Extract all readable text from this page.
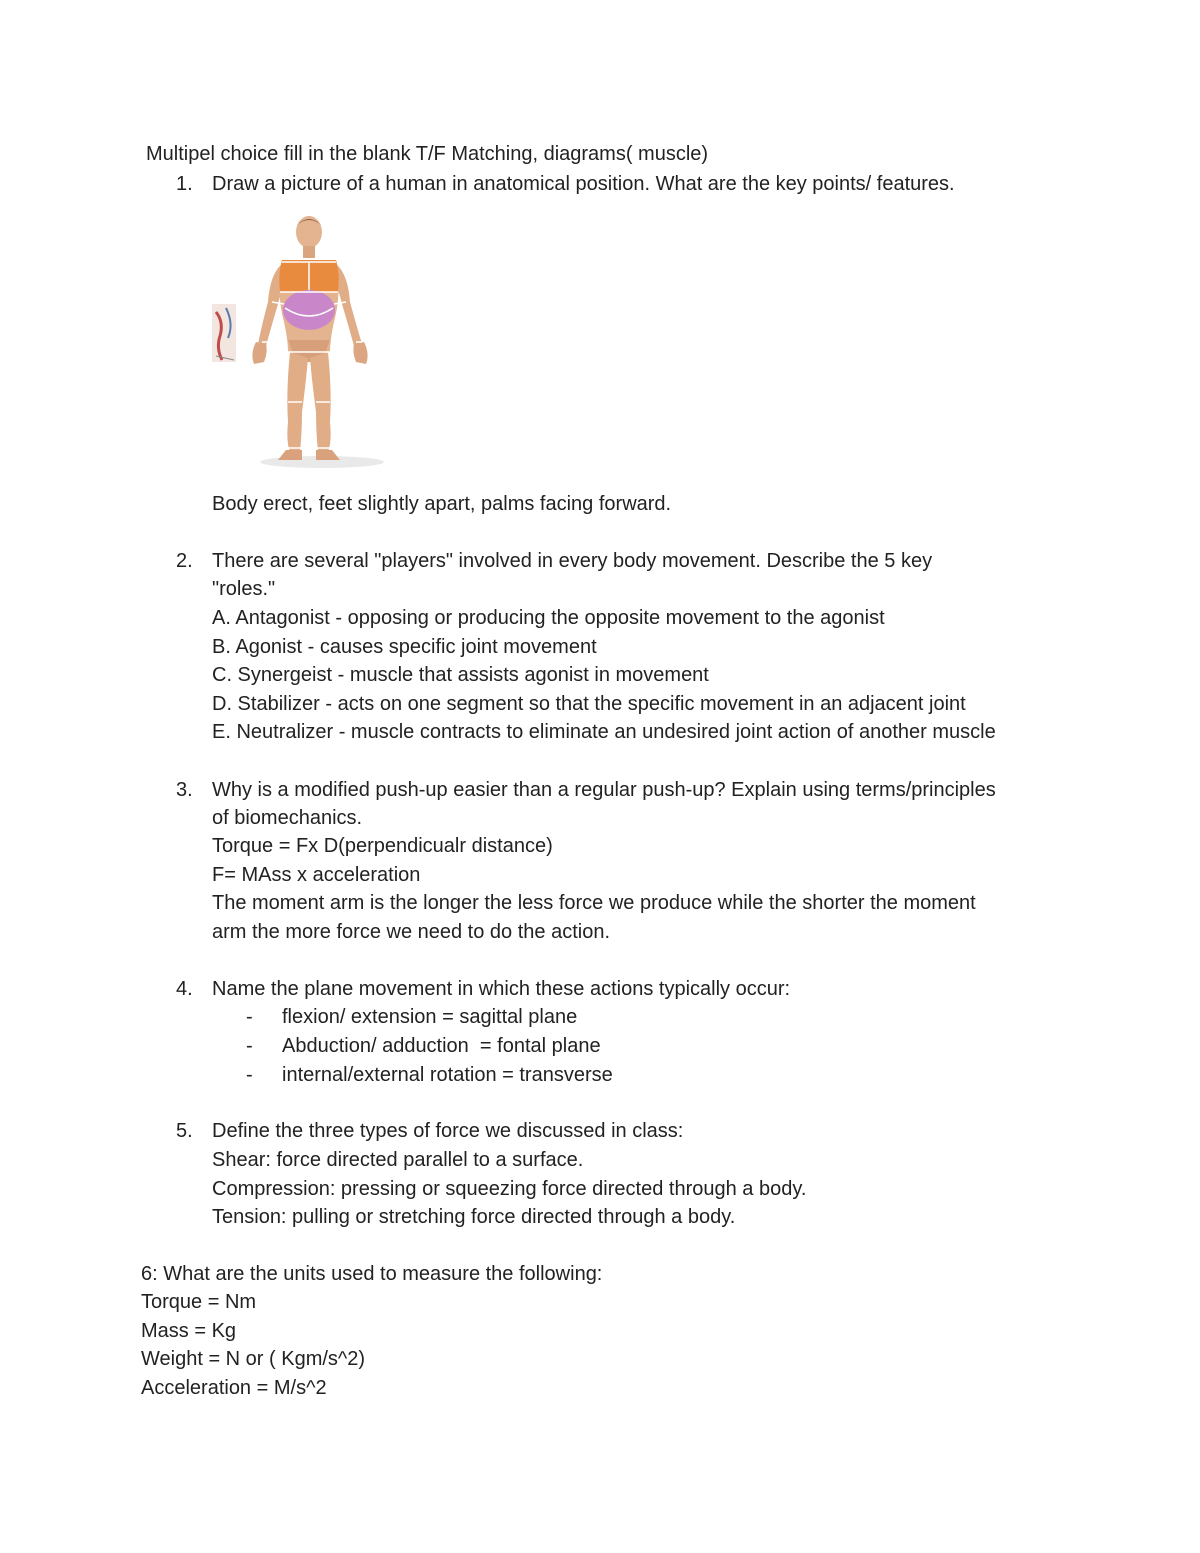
Multipel choice fill in the blank T/F Matching, diagrams( muscle)
1. Draw a picture of a human in anatomical position. What are the key points/ features.
Body erect, feet slightly apart, palms facing forward.
2. There are several "players" involved in every body movement. Describe the 5 key
"roles."
A. Antagonist - opposing or producing the opposite movement to the agonist
B. Agonist - causes specific joint movement
C. Synergeist - muscle that assists agonist in movement
D. Stabilizer - acts on one segment so that the specific movement in an adjacent joint
E. Neutralizer - muscle contracts to eliminate an undesired joint action of another muscle
3. Why is a modified push-up easier than a regular push-up? Explain using terms/principles
of biomechanics.
Torque = Fx D(perpendicualr distance)
F= MAss x acceleration
The moment arm is the longer the less force we produce while the shorter the moment
arm the more force we need to do the action.
4. Name the plane movement in which these actions typically occur:
- flexion/ extension = sagittal plane
- Abduction/ adduction  = fontal plane
- internal/external rotation = transverse
5. Define the three types of force we discussed in class:
Shear: force directed parallel to a surface.
Compression: pressing or squeezing force directed through a body.
Tension: pulling or stretching force directed through a body.
6: What are the units used to measure the following:
Torque = Nm
Mass = Kg
Weight = N or ( Kgm/s^2)
Acceleration = M/s^2
